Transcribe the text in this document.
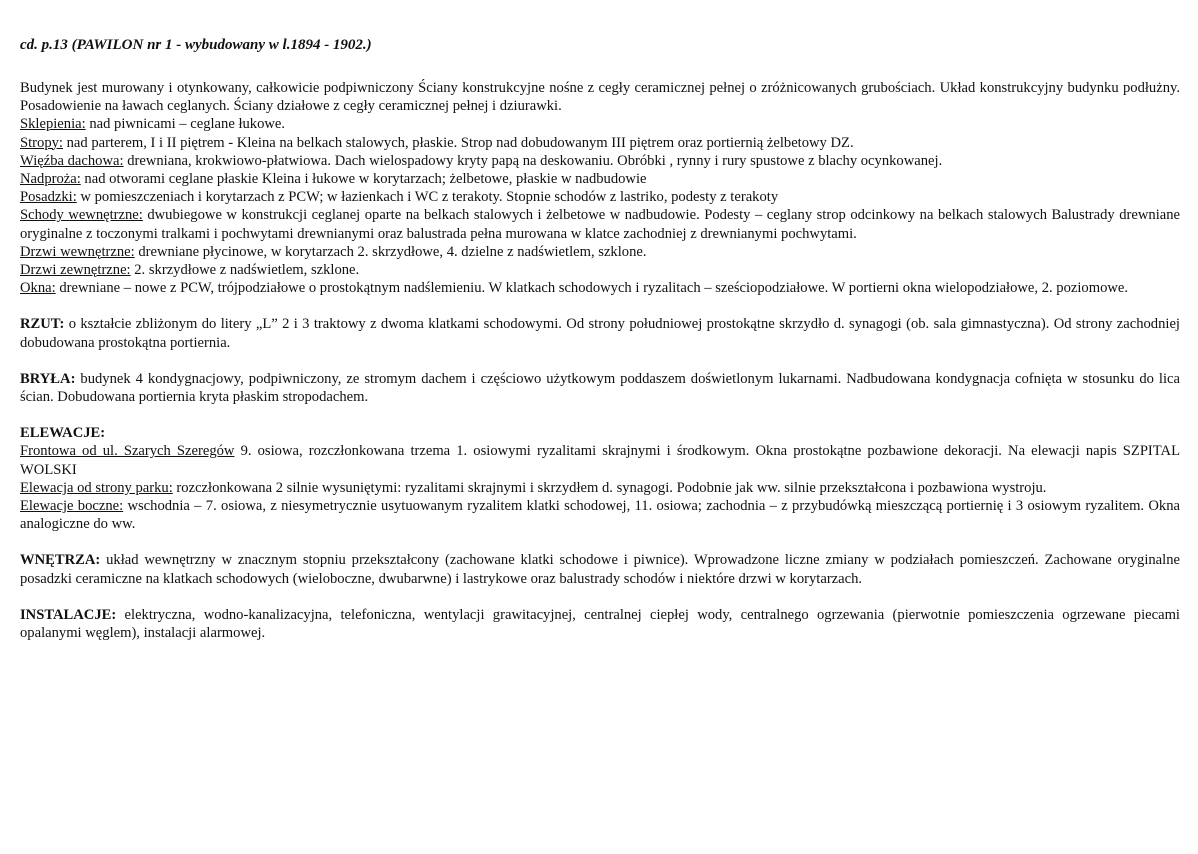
cd. p.13 (PAWILON nr 1 - wybudowany w l.1894 - 1902.)

Budynek jest murowany i otynkowany, całkowicie podpiwniczony Ściany konstrukcyjne nośne z cegły ceramicznej pełnej o zróżnicowanych grubościach. Układ konstrukcyjny budynku podłużny. Posadowienie na ławach ceglanych. Ściany działowe z cegły ceramicznej pełnej i dziurawki.

Sklepienia: nad piwnicami – ceglane łukowe.

Stropy: nad parterem, I i II piętrem - Kleina na belkach stalowych, płaskie. Strop nad dobudowanym III piętrem oraz portiernią żelbetowy DZ.

Więźba dachowa: drewniana, krokwiowo-płatwiowa. Dach wielospadowy kryty papą na deskowaniu. Obróbki , rynny i rury spustowe z blachy ocynkowanej.

Nadproża: nad otworami ceglane płaskie Kleina i łukowe w korytarzach; żelbetowe, płaskie w nadbudowie

Posadzki: w pomieszczeniach i korytarzach z PCW; w łazienkach i WC z terakoty. Stopnie schodów z lastriko, podesty z terakoty

Schody wewnętrzne: dwubiegowe w konstrukcji ceglanej oparte na belkach stalowych i żelbetowe w nadbudowie. Podesty – ceglany strop odcinkowy na belkach stalowych Balustrady drewniane oryginalne z toczonymi tralkami i pochwytami drewnianymi oraz balustrada pełna murowana w klatce zachodniej z drewnianymi pochwytami.

Drzwi wewnętrzne: drewniane płycinowe, w korytarzach 2. skrzydłowe, 4. dzielne z nadświetlem, szklone.

Drzwi zewnętrzne: 2. skrzydłowe z nadświetlem, szklone.

Okna: drewniane – nowe z PCW, trójpodziałowe o prostokątnym nadślemieniu. W klatkach schodowych i ryzalitach – sześciopodziałowe. W portierni okna wielopodziałowe, 2. poziomowe.

RZUT: o kształcie zbliżonym do litery „L” 2 i 3 traktowy z dwoma klatkami schodowymi. Od strony południowej prostokątne skrzydło d. synagogi (ob. sala gimnastyczna). Od strony zachodniej dobudowana prostokątna portiernia.

BRYŁA: budynek 4 kondygnacjowy, podpiwniczony, ze stromym dachem i częściowo użytkowym poddaszem doświetlonym lukarnami. Nadbudowana kondygnacja cofnięta w stosunku do lica ścian. Dobudowana portiernia kryta płaskim stropodachem.

ELEWACJE:

Frontowa od ul. Szarych Szeregów 9. osiowa, rozczłonkowana trzema 1. osiowymi ryzalitami skrajnymi i środkowym. Okna prostokątne pozbawione dekoracji. Na elewacji napis SZPITAL WOLSKI

Elewacja od strony parku: rozczłonkowana 2 silnie wysuniętymi: ryzalitami skrajnymi i skrzydłem d. synagogi. Podobnie jak ww. silnie przekształcona i pozbawiona wystroju.

Elewacje boczne: wschodnia – 7. osiowa, z niesymetrycznie usytuowanym ryzalitem klatki schodowej, 11. osiowa; zachodnia – z przybudówką mieszczącą portiernię i 3 osiowym ryzalitem. Okna analogiczne do ww.

WNĘTRZA: układ wewnętrzny w znacznym stopniu przekształcony (zachowane klatki schodowe i piwnice). Wprowadzone liczne zmiany w podziałach pomieszczeń. Zachowane oryginalne posadzki ceramiczne na klatkach schodowych (wieloboczne, dwubarwne) i lastrykowe oraz balustrady schodów i niektóre drzwi w korytarzach.

INSTALACJE: elektryczna, wodno-kanalizacyjna, telefoniczna, wentylacji grawitacyjnej, centralnej ciepłej wody, centralnego ogrzewania (pierwotnie pomieszczenia ogrzewane piecami opalanymi węglem), instalacji alarmowej.
